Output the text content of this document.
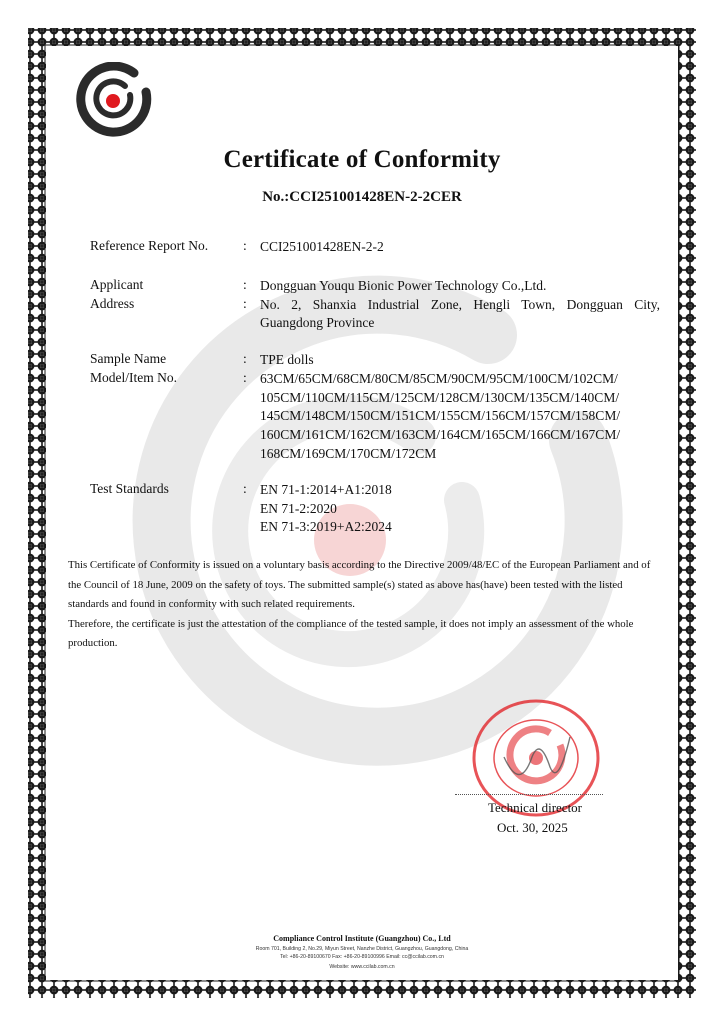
Certificate of Conformity
No.:CCI251001428EN-2-2CER
Reference Report No.	: CCI251001428EN-2-2
Applicant	: Dongguan Youqu Bionic Power Technology Co.,Ltd.
Address	: No. 2, Shanxia Industrial Zone, Hengli Town, Dongguan City,
Guangdong Province
Sample Name	: TPE dolls
Model/Item No.	: 63CM/65CM/68CM/80CM/85CM/90CM/95CM/100CM/102CM/
105CM/110CM/115CM/125CM/128CM/130CM/135CM/140CM/
145CM/148CM/150CM/151CM/155CM/156CM/157CM/158CM/
160CM/161CM/162CM/163CM/164CM/165CM/166CM/167CM/
168CM/169CM/170CM/172CM
Test Standards	: EN 71-1:2014+A1:2018
EN 71-2:2020
EN 71-3:2019+A2:2024

This Certificate of Conformity is issued on a voluntary basis according to the Directive 2009/48/EC of the European Parliament and of the Council of 18 June, 2009 on the safety of toys. The submitted sample(s) stated as above has(have) been tested with the listed standards and found in conformity with such related requirements.

Therefore, the certificate is just the attestation of the compliance of the tested sample, it does not imply an assessment of the whole production.

Technical director
Oct. 30, 2025
Compliance Control Institute (Guangzhou) Co., Ltd
Room 701, Building 2, No.29, Miyun Street, Nanzhe District, Guangzhou, Guangdong, China
Tel: +86-20-89100670 Fax: +86-20-89100996 Email: cc@ccilab.com.cn
Website: www.ccilab.com.cn
